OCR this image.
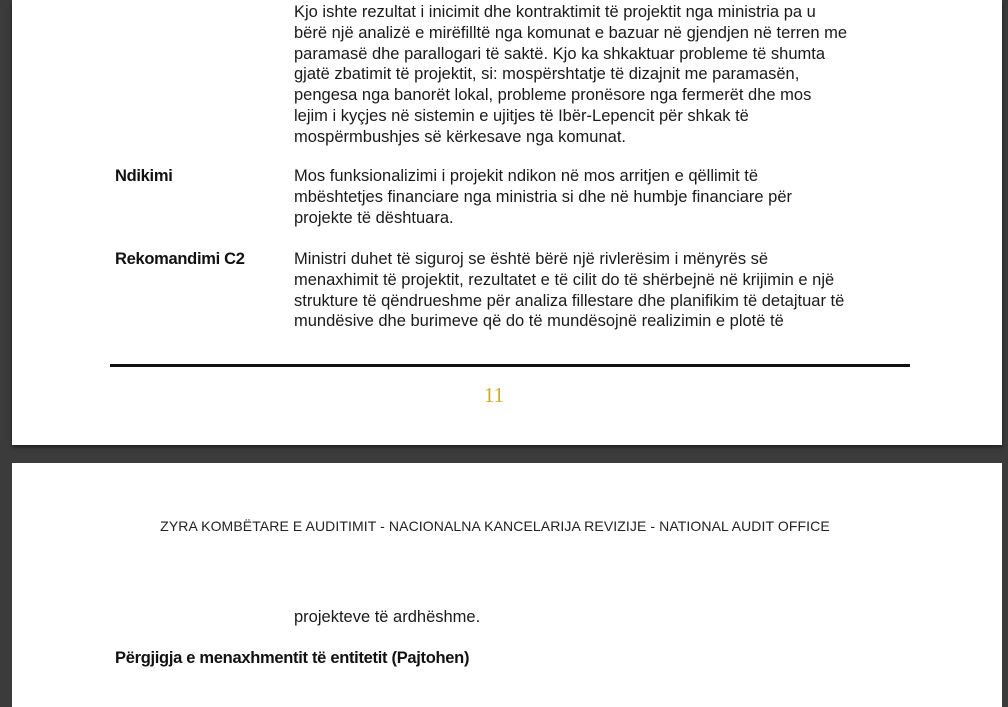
Kjo ishte rezultat i inicimit dhe kontraktimit të projektit nga ministria pa u
bërë një analizë e mirëfilltë nga komunat e bazuar në gjendjen në terren me
paramasë dhe parallogari të saktë. Kjo ka shkaktuar probleme të shumta
gjatë zbatimit të projektit, si: mospërshtatje të dizajnit me paramasën,
pengesa nga banorët lokal, probleme pronësore nga fermerët dhe mos
lejim i kyçjes në sistemin e ujitjes të Ibër-Lepencit për shkak të
mospërmbushjes së kërkesave nga komunat.

Ndikimi	Mos funksionalizimi i projekit ndikon në mos arritjen e qëllimit të
mbështetjes financiare nga ministria si dhe në humbje financiare për
projekte të dështuara.

Rekomandimi C2	Ministri duhet të siguroj se është bërë një rivlerësim i mënyrës së
menaxhimit të projektit, rezultatet e të cilit do të shërbejnë në krijimin e një
strukture të qëndrueshme për analiza fillestare dhe planifikim të detajtuar të
mundësive dhe burimeve që do të mundësojnë realizimin e plotë të

11
ZYRA KOMBËTARE E AUDITIMIT - NACIONALNA KANCELARIJA REVIZIJE - NATIONAL AUDIT OFFICE

projekteve të ardhëshme.

Përgjigja e menaxhmentit të entitetit (Pajtohen)
